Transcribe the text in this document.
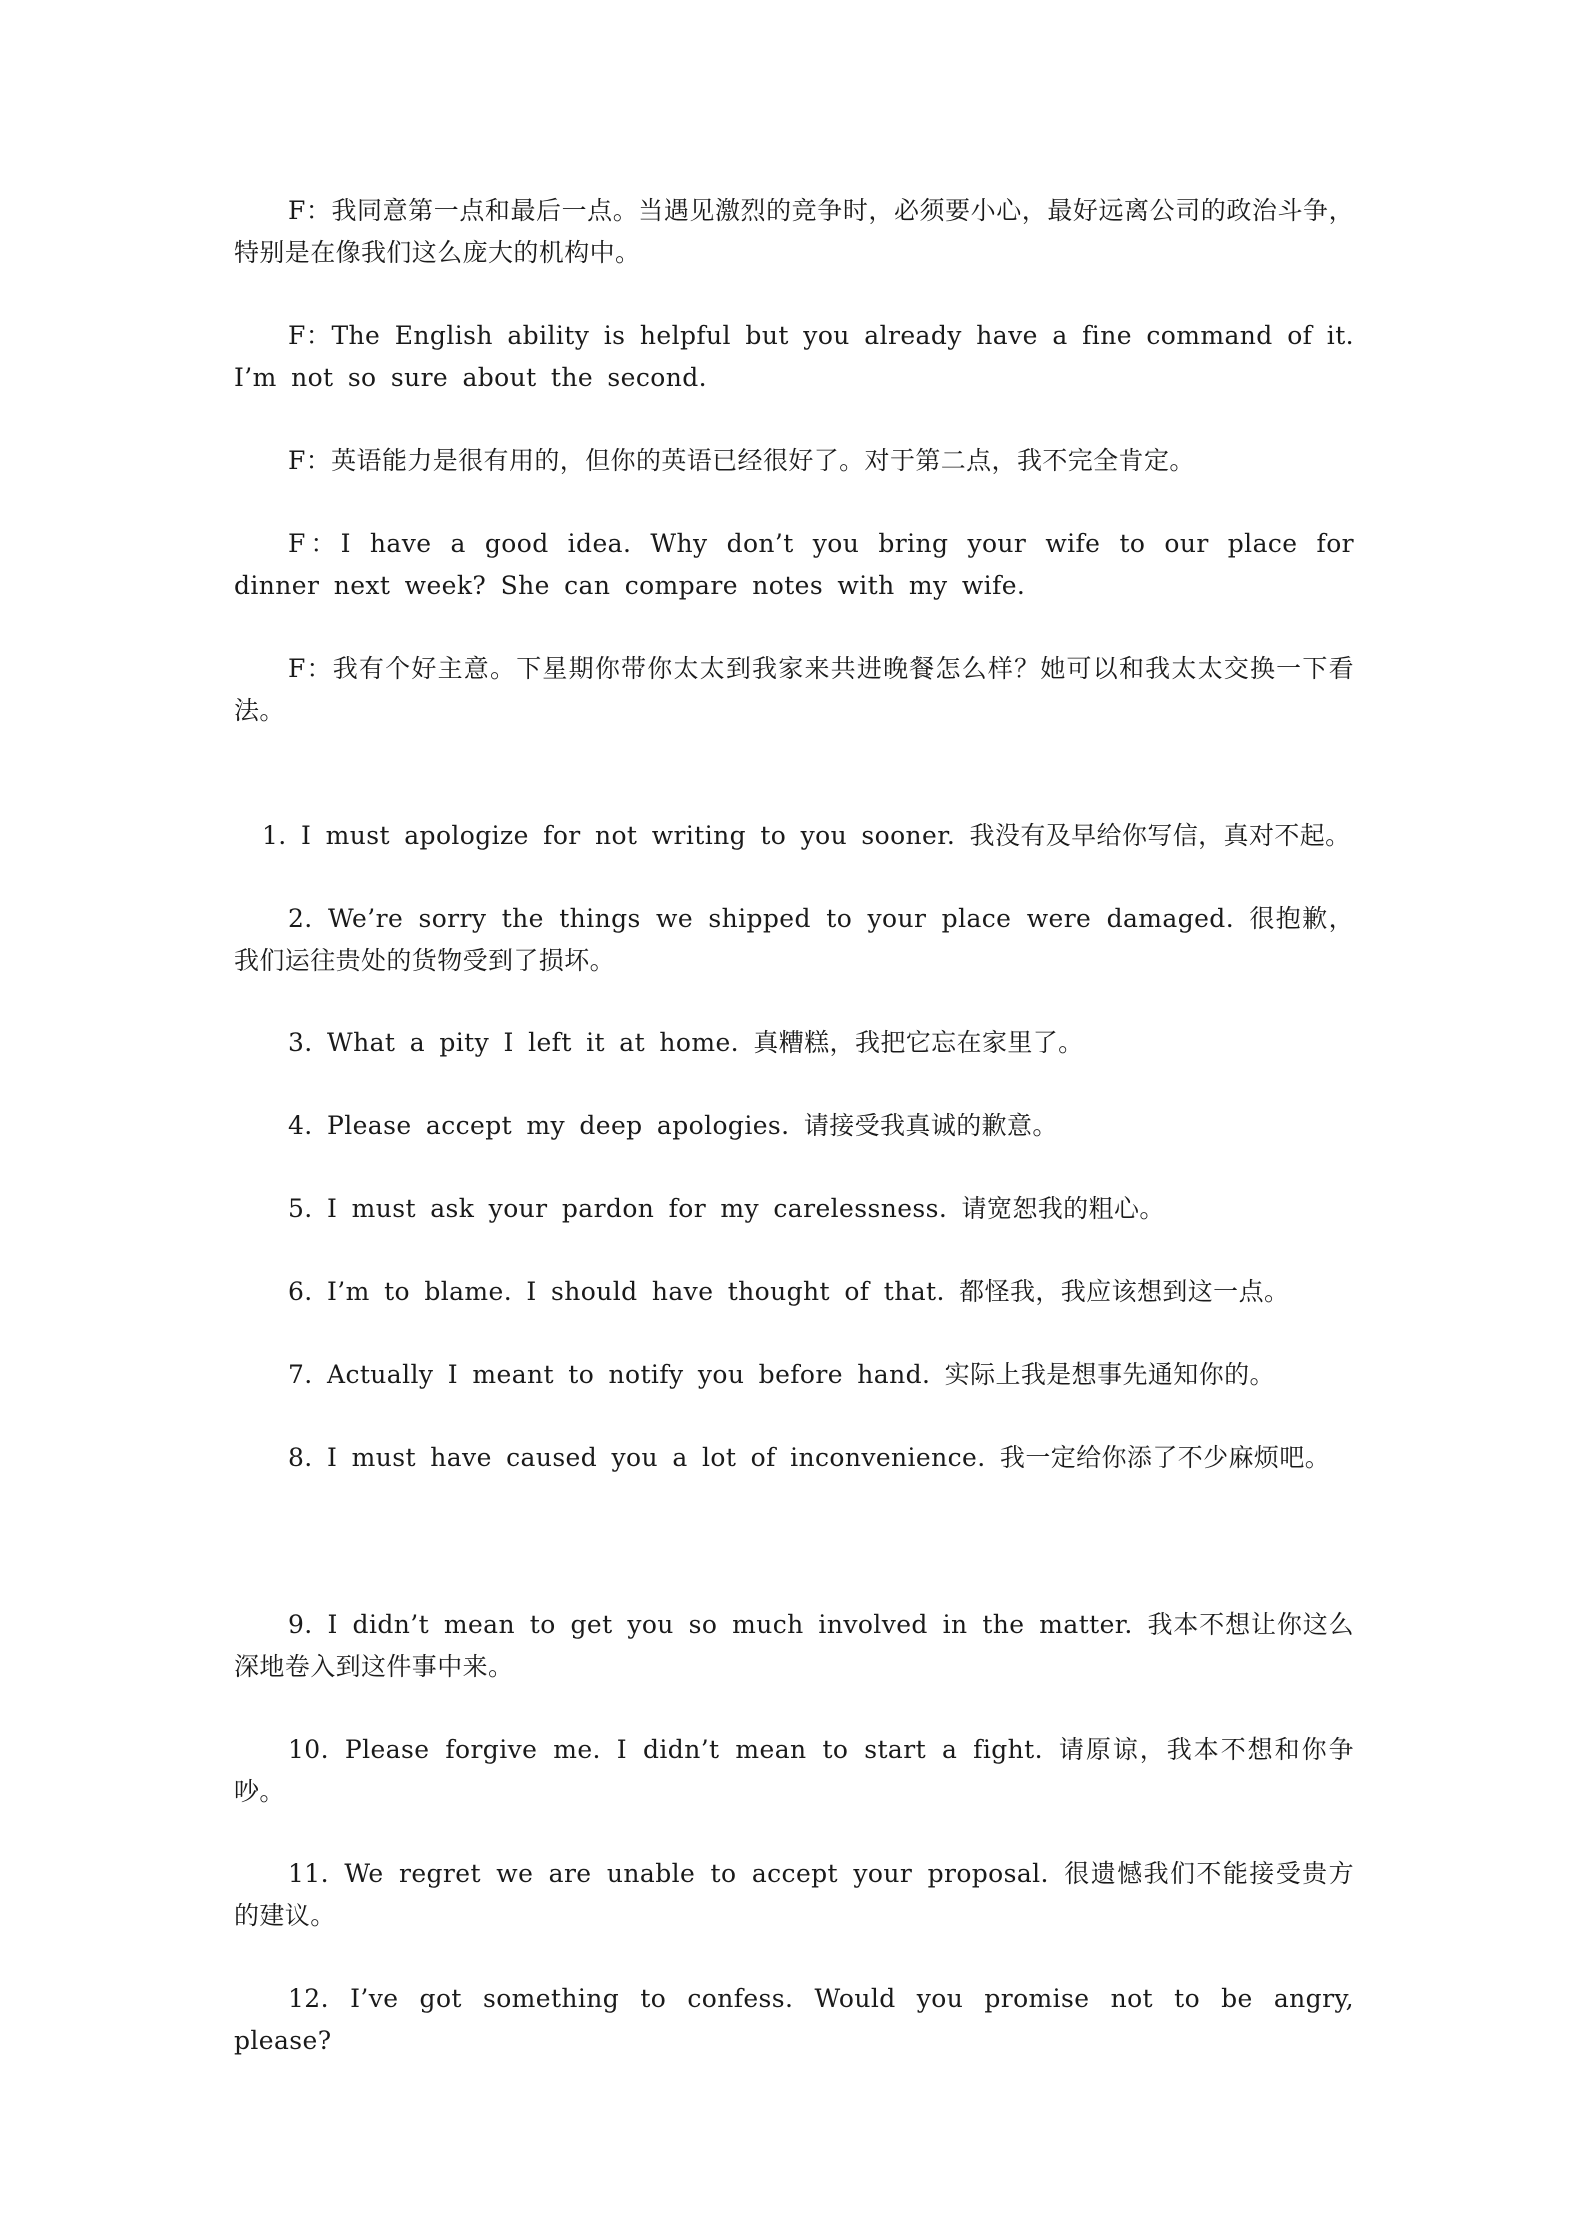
F：我同意第一点和最后一点。当遇见激烈的竞争时，必须要小心，最好远离公司的政治斗争，特别是在像我们这么庞大的机构中。

F：The English ability is helpful but you already have a fine command of it. I’m not so sure about the second.

F：英语能力是很有用的，但你的英语已经很好了。对于第二点，我不完全肯定。

F：I have a good idea. Why don’t you bring your wife to our place for dinner next week? She can compare notes with my wife.

F：我有个好主意。下星期你带你太太到我家来共进晚餐怎么样？她可以和我太太交换一下看法。

1. I must apologize for not writing to you sooner. 我没有及早给你写信，真对不起。

2. We’re sorry the things we shipped to your place were damaged. 很抱歉，我们运往贵处的货物受到了损坏。

3. What a pity I left it at home. 真糟糕，我把它忘在家里了。

4. Please accept my deep apologies. 请接受我真诚的歉意。

5. I must ask your pardon for my carelessness. 请宽恕我的粗心。

6. I’m to blame. I should have thought of that. 都怪我，我应该想到这一点。

7. Actually I meant to notify you before hand. 实际上我是想事先通知你的。

8. I must have caused you a lot of inconvenience. 我一定给你添了不少麻烦吧。

9. I didn’t mean to get you so much involved in the matter. 我本不想让你这么深地卷入到这件事中来。

10. Please forgive me. I didn’t mean to start a fight. 请原谅，我本不想和你争吵。

11. We regret we are unable to accept your proposal. 很遗憾我们不能接受贵方的建议。

12. I’ve got something to confess. Would you promise not to be angry, please?
